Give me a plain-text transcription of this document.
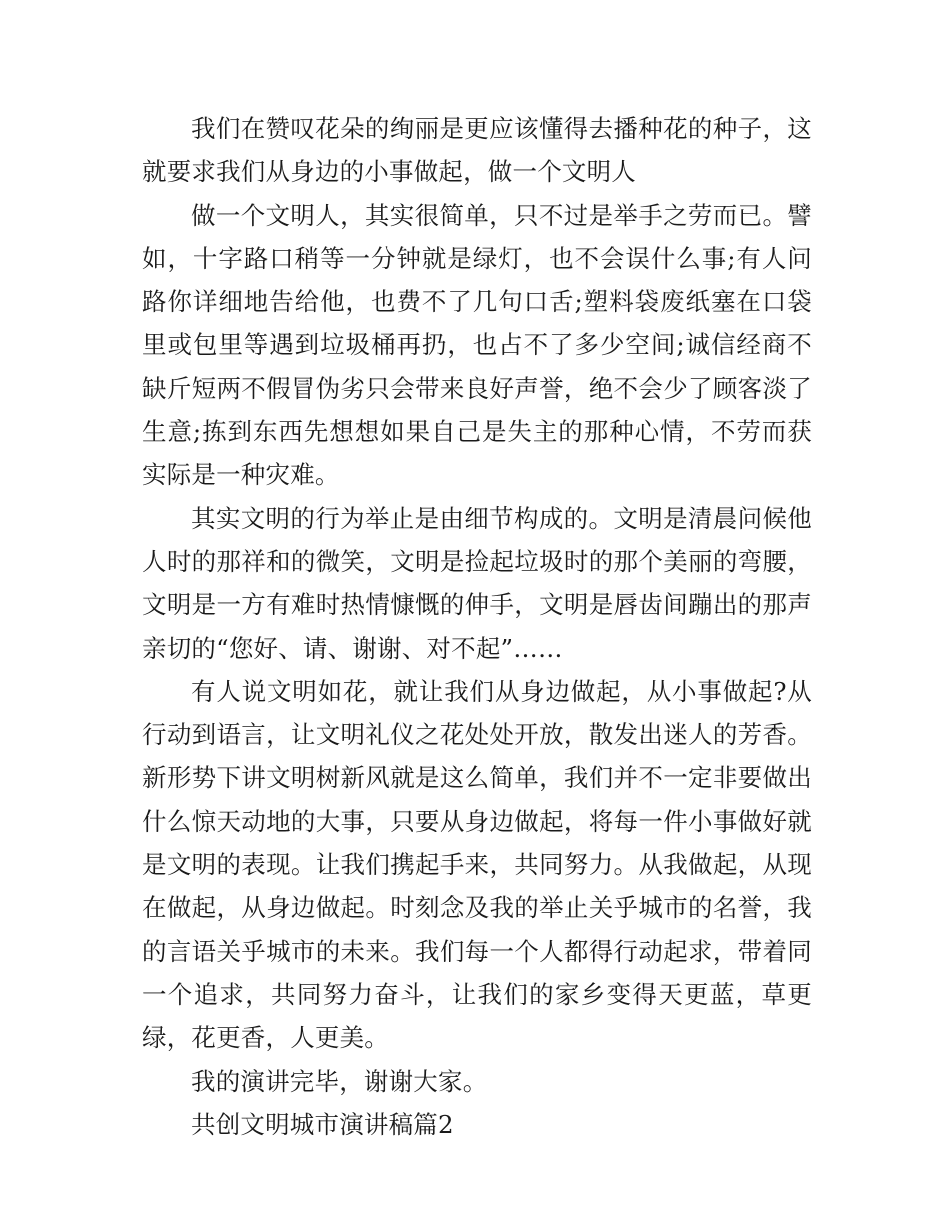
我们在赞叹花朵的绚丽是更应该懂得去播种花的种子，这就要求我们从身边的小事做起，做一个文明人

做一个文明人，其实很简单，只不过是举手之劳而已。譬如，十字路口稍等一分钟就是绿灯，也不会误什么事;有人问路你详细地告给他，也费不了几句口舌;塑料袋废纸塞在口袋里或包里等遇到垃圾桶再扔，也占不了多少空间;诚信经商不缺斤短两不假冒伪劣只会带来良好声誉，绝不会少了顾客淡了生意;拣到东西先想想如果自己是失主的那种心情，不劳而获实际是一种灾难。

其实文明的行为举止是由细节构成的。文明是清晨问候他人时的那祥和的微笑，文明是捡起垃圾时的那个美丽的弯腰，文明是一方有难时热情慷慨的伸手，文明是唇齿间蹦出的那声亲切的“您好、请、谢谢、对不起”……

有人说文明如花，就让我们从身边做起，从小事做起?从行动到语言，让文明礼仪之花处处开放，散发出迷人的芳香。新形势下讲文明树新风就是这么简单，我们并不一定非要做出什么惊天动地的大事，只要从身边做起，将每一件小事做好就是文明的表现。让我们携起手来，共同努力。从我做起，从现在做起，从身边做起。时刻念及我的举止关乎城市的名誉，我的言语关乎城市的未来。我们每一个人都得行动起求，带着同一个追求，共同努力奋斗，让我们的家乡变得天更蓝，草更绿，花更香，人更美。

我的演讲完毕，谢谢大家。

共创文明城市演讲稿篇2
